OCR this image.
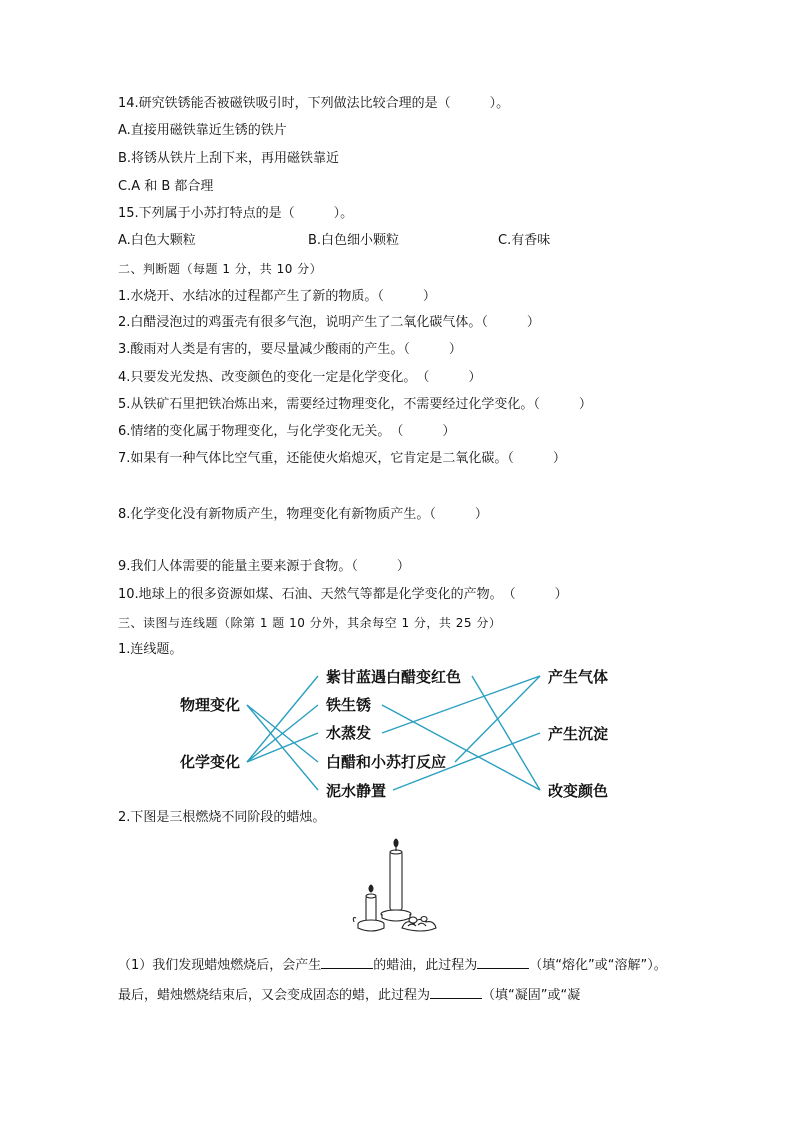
14.研究铁锈能否被磁铁吸引时，下列做法比较合理的是（　　　）。
A.直接用磁铁靠近生锈的铁片
B.将锈从铁片上刮下来，再用磁铁靠近
C.A 和 B 都合理
15.下列属于小苏打特点的是（　　　）。
A.白色大颗粒	B.白色细小颗粒	C.有香味
二、判断题（每题 1 分，共 10 分）
1.水烧开、水结冰的过程都产生了新的物质。（　　　）
2.白醋浸泡过的鸡蛋壳有很多气泡，说明产生了二氧化碳气体。（　　　）
3.酸雨对人类是有害的，要尽量减少酸雨的产生。（　　　）
4.只要发光发热、改变颜色的变化一定是化学变化。　（　　　）
5.从铁矿石里把铁冶炼出来，需要经过物理变化，不需要经过化学变化。（　　　）
6.情绪的变化属于物理变化，与化学变化无关。　（　　　）
7.如果有一种气体比空气重，还能使火焰熄灭，它肯定是二氧化碳。（　　　）
8.化学变化没有新物质产生，物理变化有新物质产生。（　　　）
9.我们人体需要的能量主要来源于食物。（　　　）
10.地球上的很多资源如煤、石油、天然气等都是化学变化的产物。　（　　　）
三、读图与连线题（除第 1 题 10 分外，其余每空 1 分，共 25 分）
1.连线题。
物理变化
化学变化
紫甘蓝遇白醋变红色
铁生锈
水蒸发
白醋和小苏打反应
泥水静置
产生气体
产生沉淀
改变颜色
2.下图是三根燃烧不同阶段的蜡烛。
（1）我们发现蜡烛燃烧后，会产生	的蜡油，此过程为	（填“熔化”或“溶解”）。最后，蜡烛燃烧结束后，又会变成固态的蜡，此过程为	（填“凝固”或“凝
